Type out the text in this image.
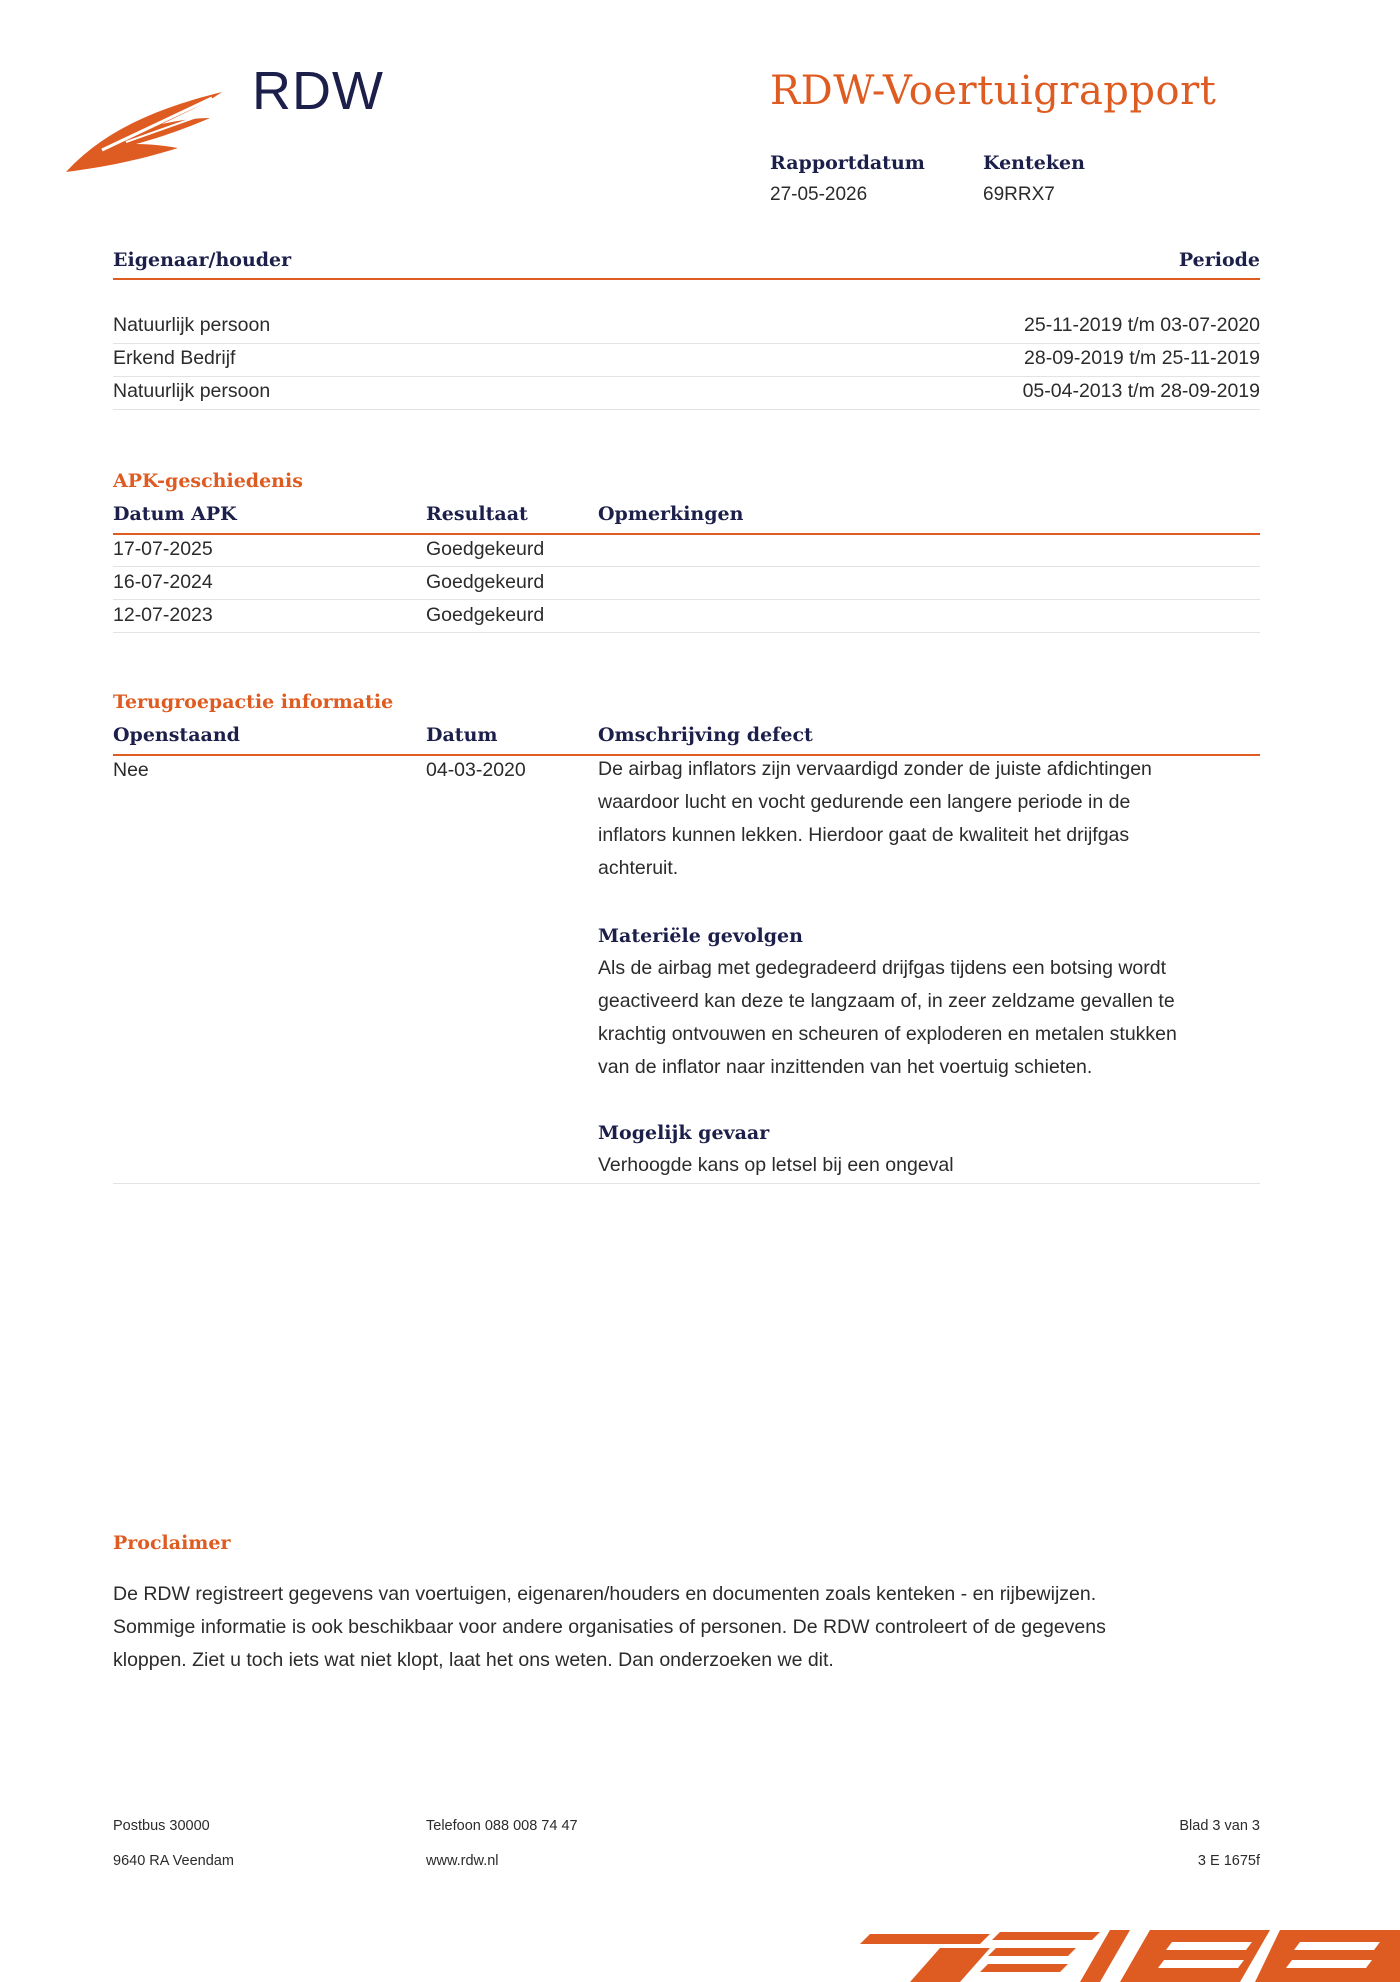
RDW	RDW-Voertuigrapport
Rapportdatum
27-05-2026
Kenteken
69RRX7
Eigenaar/houder	Periode
Natuurlijk persoon	25-11-2019 t/m 03-07-2020
Erkend Bedrijf	28-09-2019 t/m 25-11-2019
Natuurlijk persoon	05-04-2013 t/m 28-09-2019
APK-geschiedenis
Datum APK	Resultaat	Opmerkingen
17-07-2025	Goedgekeurd
16-07-2024	Goedgekeurd
12-07-2023	Goedgekeurd
Terugroepactie informatie
Openstaand	Datum	Omschrijving defect
Nee	04-03-2020	De airbag inflators zijn vervaardigd zonder de juiste afdichtingen
waardoor lucht en vocht gedurende een langere periode in de
inflators kunnen lekken. Hierdoor gaat de kwaliteit het drijfgas
achteruit.
Materiële gevolgen
Als de airbag met gedegradeerd drijfgas tijdens een botsing wordt
geactiveerd kan deze te langzaam of, in zeer zeldzame gevallen te
krachtig ontvouwen en scheuren of exploderen en metalen stukken
van de inflator naar inzittenden van het voertuig schieten.
Mogelijk gevaar
Verhoogde kans op letsel bij een ongeval
Proclaimer
De RDW registreert gegevens van voertuigen, eigenaren/houders en documenten zoals kenteken - en rijbewijzen.
Sommige informatie is ook beschikbaar voor andere organisaties of personen. De RDW controleert of de gegevens
kloppen. Ziet u toch iets wat niet klopt, laat het ons weten. Dan onderzoeken we dit.
Postbus 30000
9640 RA Veendam
Telefoon 088 008 74 47
www.rdw.nl
Blad 3 van 3
3 E 1675f
